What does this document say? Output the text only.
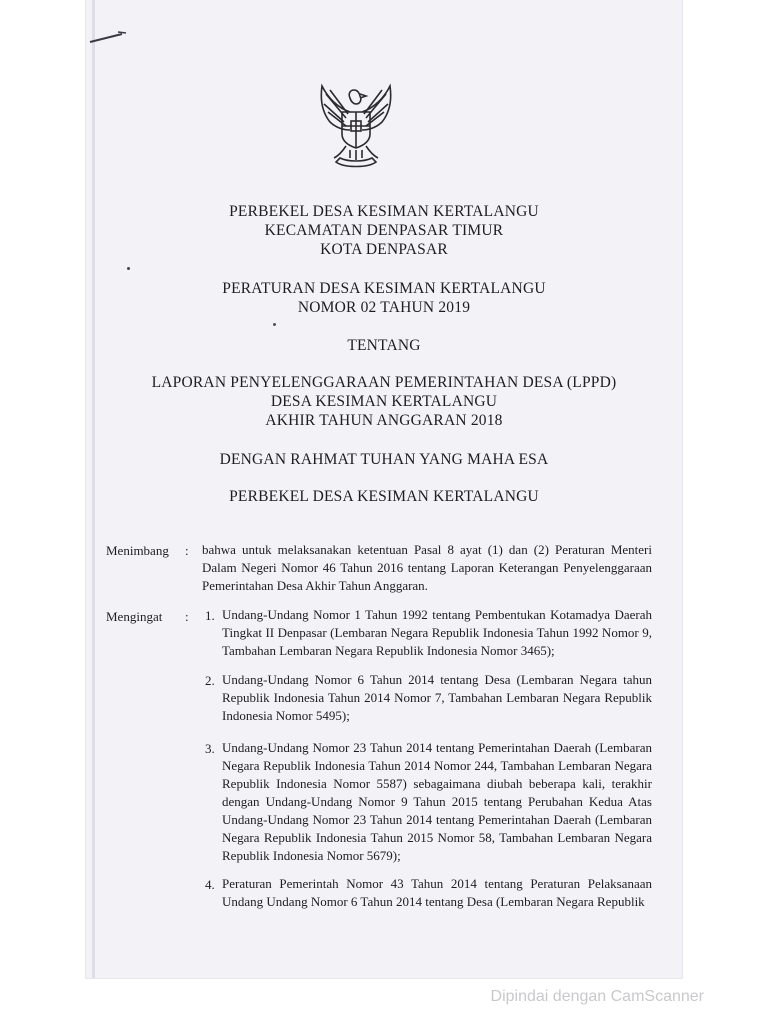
PERBEKEL DESA KESIMAN KERTALANGU
KECAMATAN DENPASAR TIMUR
KOTA DENPASAR
PERATURAN DESA KESIMAN KERTALANGU
NOMOR 02 TAHUN 2019
TENTANG
LAPORAN PENYELENGGARAAN PEMERINTAHAN DESA (LPPD)
DESA KESIMAN KERTALANGU
AKHIR TAHUN ANGGARAN 2018
DENGAN RAHMAT TUHAN YANG MAHA ESA
PERBEKEL DESA KESIMAN KERTALANGU
Menimbang : bahwa untuk melaksanakan ketentuan Pasal 8 ayat (1) dan (2) Peraturan Menteri Dalam Negeri Nomor 46 Tahun 2016 tentang Laporan Keterangan Penyelenggaraan Pemerintahan Desa Akhir Tahun Anggaran.
Mengingat : 1. Undang-Undang Nomor 1 Tahun 1992 tentang Pembentukan Kotamadya Daerah Tingkat II Denpasar (Lembaran Negara Republik Indonesia Tahun 1992 Nomor 9, Tambahan Lembaran Negara Republik Indonesia Nomor 3465);
2. Undang-Undang Nomor 6 Tahun 2014 tentang Desa (Lembaran Negara tahun Republik Indonesia Tahun 2014 Nomor 7, Tambahan Lembaran Negara Republik Indonesia Nomor 5495);
3. Undang-Undang Nomor 23 Tahun 2014 tentang Pemerintahan Daerah (Lembaran Negara Republik Indonesia Tahun 2014 Nomor 244, Tambahan Lembaran Negara Republik Indonesia Nomor 5587) sebagaimana diubah beberapa kali, terakhir dengan Undang-Undang Nomor 9 Tahun 2015 tentang Perubahan Kedua Atas Undang-Undang Nomor 23 Tahun 2014 tentang Pemerintahan Daerah (Lembaran Negara Republik Indonesia Tahun 2015 Nomor 58, Tambahan Lembaran Negara Republik Indonesia Nomor 5679);
4. Peraturan Pemerintah Nomor 43 Tahun 2014 tentang Peraturan Pelaksanaan Undang Undang Nomor 6 Tahun 2014 tentang Desa (Lembaran Negara Republik
Dipindai dengan CamScanner
